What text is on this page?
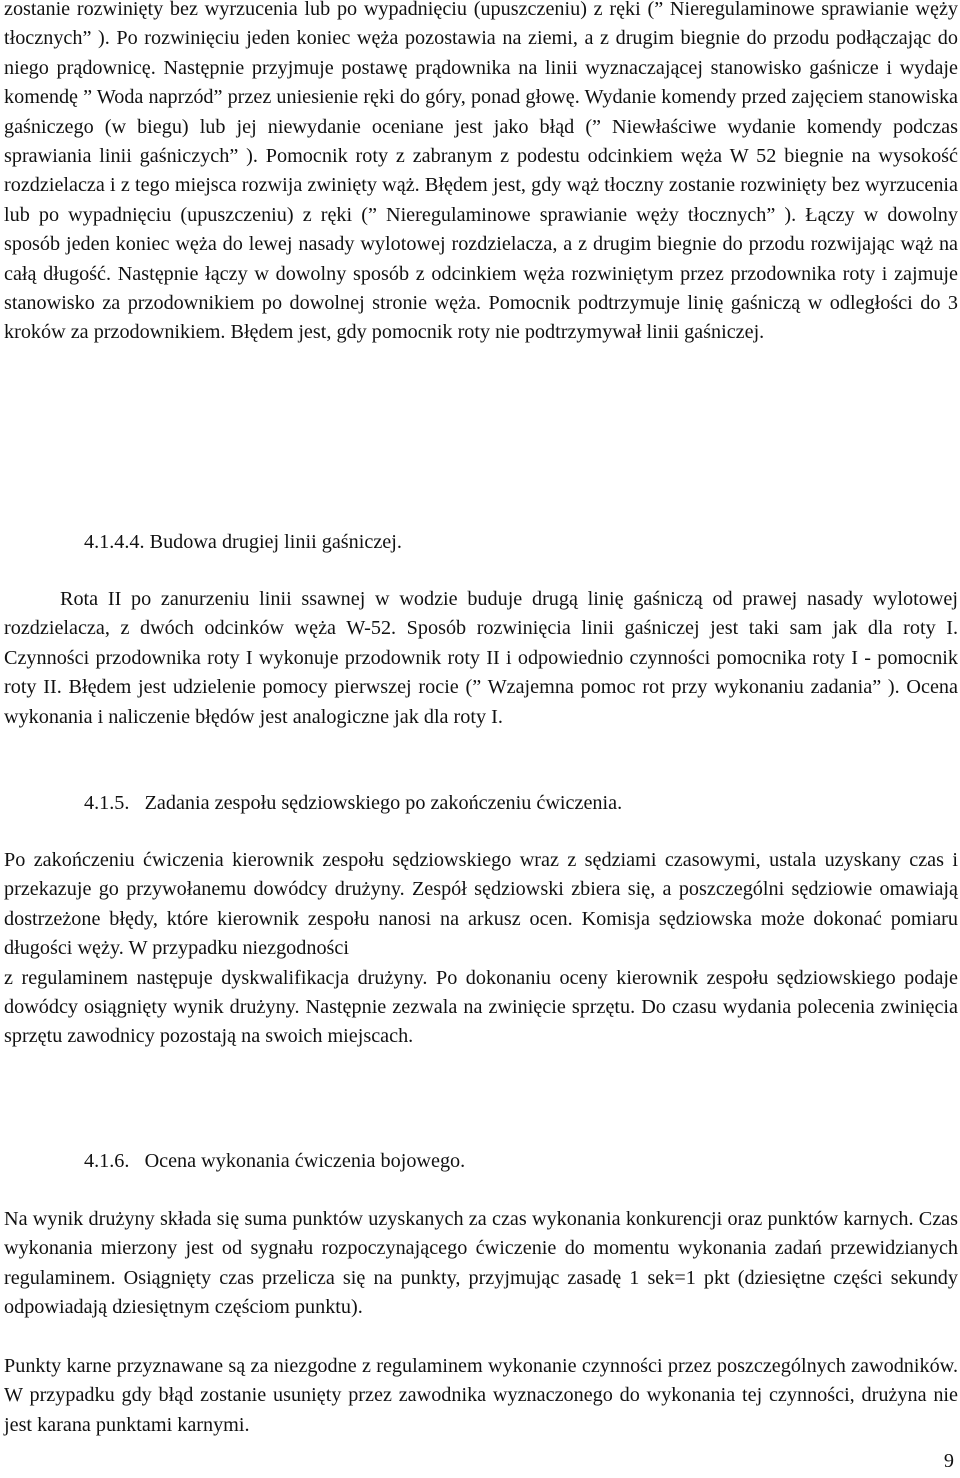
zostanie rozwinięty bez wyrzucenia lub po wypadnięciu (upuszczeniu) z ręki (” Nieregulaminowe sprawianie węży tłocznych” ). Po rozwinięciu jeden koniec węża pozostawia na ziemi, a z drugim biegnie do przodu podłączając do niego prądownicę. Następnie przyjmuje postawę prądownika na linii wyznaczającej stanowisko gaśnicze i wydaje komendę ” Woda naprzód” przez uniesienie ręki do góry, ponad głowę. Wydanie komendy przed zajęciem stanowiska gaśniczego (w biegu) lub jej niewydanie oceniane jest jako błąd (” Niewłaściwe wydanie komendy podczas sprawiania linii gaśniczych” ). Pomocnik roty z zabranym z podestu odcinkiem węża W 52 biegnie na wysokość rozdzielacza i z tego miejsca rozwija zwinięty wąż. Błędem jest, gdy wąż tłoczny zostanie rozwinięty bez wyrzucenia lub po wypadnięciu (upuszczeniu) z ręki (” Nieregulaminowe sprawianie węży tłocznych” ). Łączy w dowolny sposób jeden koniec węża do lewej nasady wylotowej rozdzielacza, a z drugim biegnie do przodu rozwijając wąż na całą długość. Następnie łączy w dowolny sposób z odcinkiem węża rozwiniętym przez przodownika roty i zajmuje stanowisko za przodownikiem po dowolnej stronie węża. Pomocnik podtrzymuje linię gaśniczą w odległości do 3 kroków za przodownikiem. Błędem jest, gdy pomocnik roty nie podtrzymywał linii gaśniczej.

4.1.4.4. Budowa drugiej linii gaśniczej.

Rota II po zanurzeniu linii ssawnej w wodzie buduje drugą linię gaśniczą od prawej nasady wylotowej rozdzielacza, z dwóch odcinków węża W-52. Sposób rozwinięcia linii gaśniczej jest taki sam jak dla roty I. Czynności przodownika roty I wykonuje przodownik roty II i odpowiednio czynności pomocnika roty I - pomocnik roty II. Błędem jest udzielenie pomocy pierwszej rocie (” Wzajemna pomoc rot przy wykonaniu zadania” ). Ocena wykonania i naliczenie błędów jest analogiczne jak dla roty I.

4.1.5.   Zadania zespołu sędziowskiego po zakończeniu ćwiczenia.

Po zakończeniu ćwiczenia kierownik zespołu sędziowskiego wraz z sędziami czasowymi, ustala uzyskany czas i przekazuje go przywołanemu dowódcy drużyny. Zespół sędziowski zbiera się, a poszczególni sędziowie omawiają dostrzeżone błędy, które kierownik zespołu nanosi na arkusz ocen. Komisja sędziowska może dokonać pomiaru długości węży. W przypadku niezgodności
z regulaminem następuje dyskwalifikacja drużyny. Po dokonaniu oceny kierownik zespołu sędziowskiego podaje dowódcy osiągnięty wynik drużyny. Następnie zezwala na zwinięcie sprzętu. Do czasu wydania polecenia zwinięcia sprzętu zawodnicy pozostają na swoich miejscach.

4.1.6.   Ocena wykonania ćwiczenia bojowego.

Na wynik drużyny składa się suma punktów uzyskanych za czas wykonania konkurencji oraz punktów karnych. Czas wykonania mierzony jest od sygnału rozpoczynającego ćwiczenie do momentu wykonania zadań przewidzianych regulaminem. Osiągnięty czas przelicza się na punkty, przyjmując zasadę 1 sek=1 pkt (dziesiętne części sekundy odpowiadają dziesiętnym częściom punktu).

Punkty karne przyznawane są za niezgodne z regulaminem wykonanie czynności przez poszczególnych zawodników. W przypadku gdy błąd zostanie usunięty przez zawodnika wyznaczonego do wykonania tej czynności, drużyna nie jest karana punktami karnymi.

9
